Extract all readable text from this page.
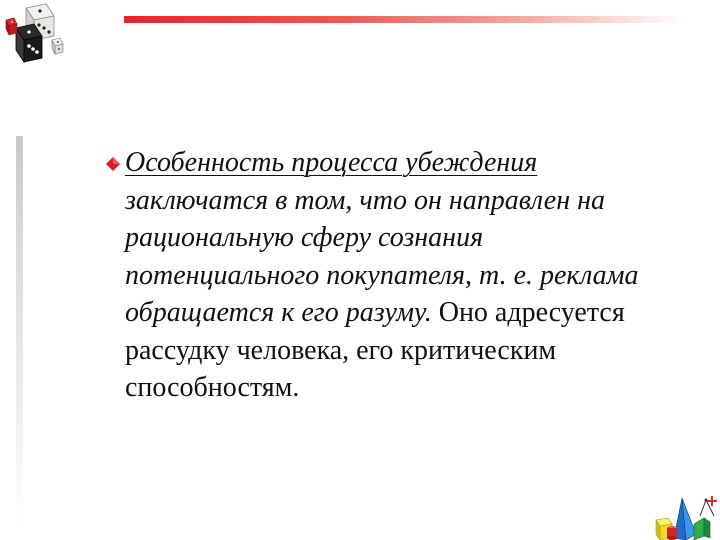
Особенность процесса убеждения
заключатся в том, что он направлен на
рациональную сферу сознания
потенциального покупателя, т. е. реклама
обращается к его разуму. Оно адресуется
рассудку человека, его критическим
способностям.
